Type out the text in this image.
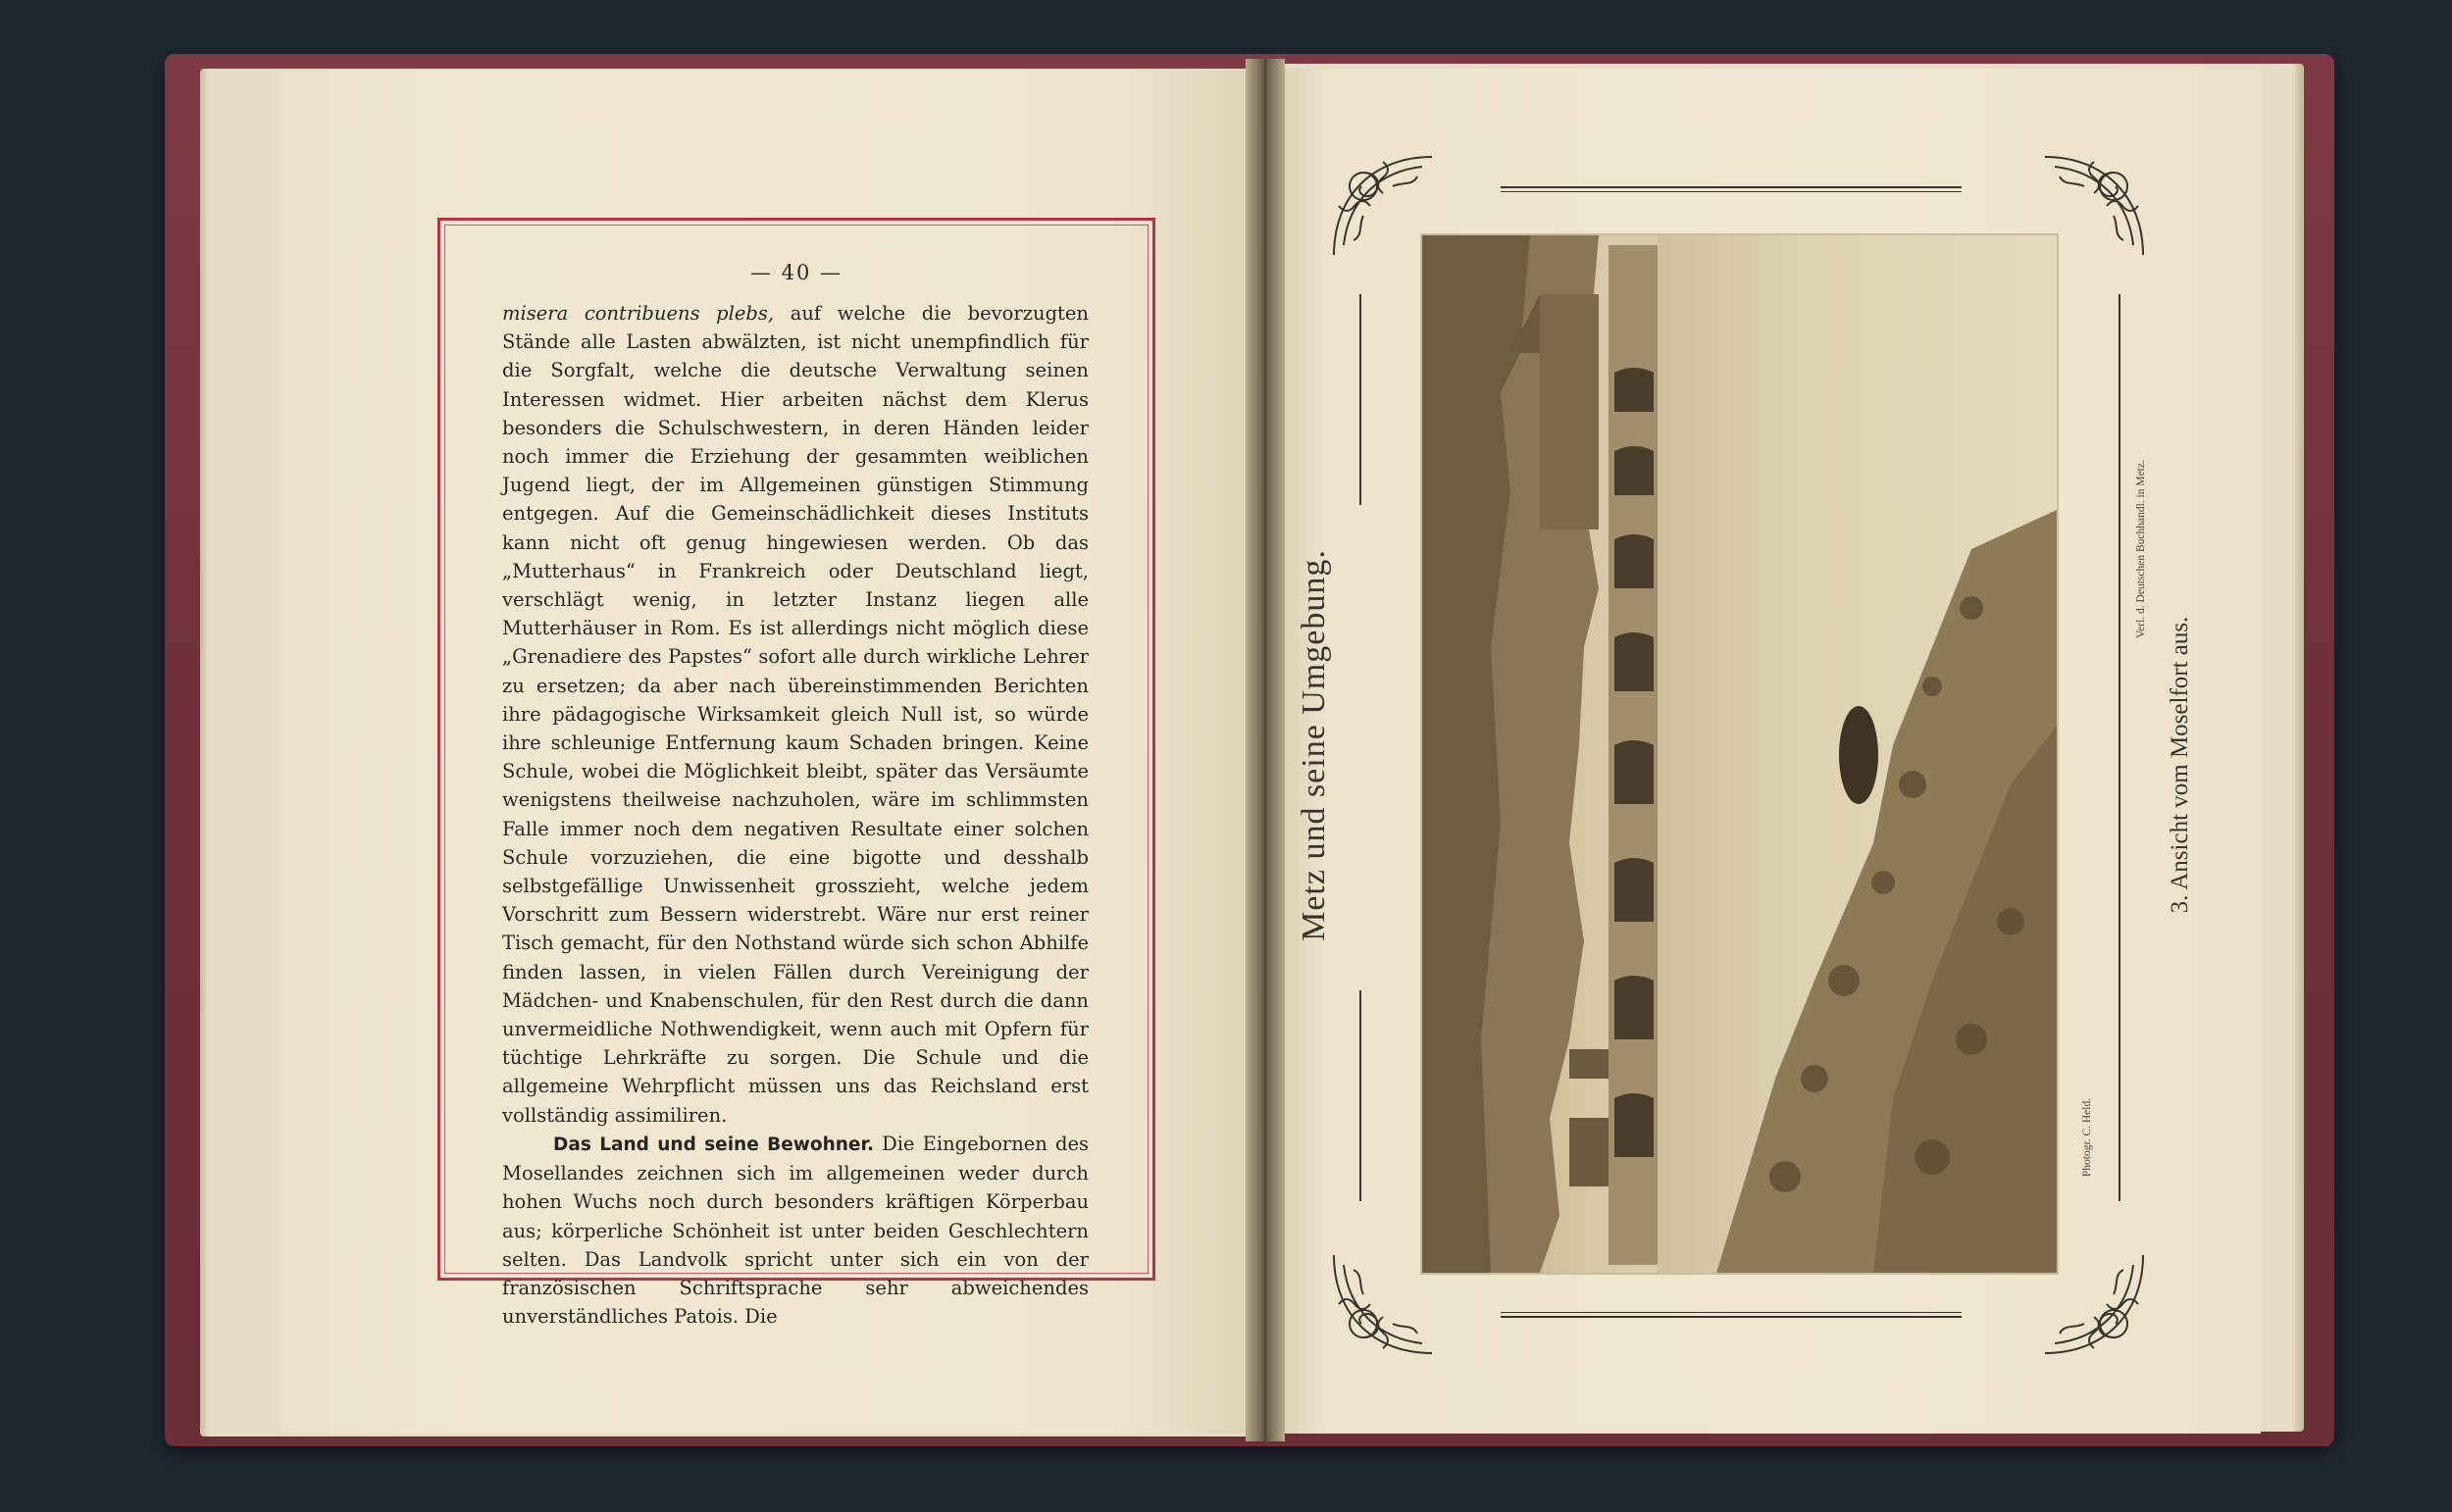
— 40 —

misera contribuens plebs, auf welche die bevorzugten Stände alle Lasten abwälzten, ist nicht unempfindlich für die Sorgfalt, welche die deutsche Verwaltung seinen Interessen widmet. Hier arbeiten nächst dem Klerus besonders die Schulschwestern, in deren Händen leider noch immer die Erziehung der gesammten weiblichen Jugend liegt, der im Allgemeinen günstigen Stimmung entgegen. Auf die Gemeinschädlichkeit dieses Instituts kann nicht oft genug hingewiesen werden. Ob das „Mutterhaus“ in Frankreich oder Deutschland liegt, verschlägt wenig, in letzter Instanz liegen alle Mutterhäuser in Rom. Es ist allerdings nicht möglich diese „Grenadiere des Papstes“ sofort alle durch wirkliche Lehrer zu ersetzen; da aber nach übereinstimmenden Berichten ihre pädagogische Wirksamkeit gleich Null ist, so würde ihre schleunige Entfernung kaum Schaden bringen. Keine Schule, wobei die Möglichkeit bleibt, später das Versäumte wenigstens theilweise nachzuholen, wäre im schlimmsten Falle immer noch dem negativen Resultate einer solchen Schule vorzuziehen, die eine bigotte und desshalb selbstgefällige Unwissenheit grosszieht, welche jedem Vorschritt zum Bessern widerstrebt. Wäre nur erst reiner Tisch gemacht, für den Nothstand würde sich schon Abhilfe finden lassen, in vielen Fällen durch Vereinigung der Mädchen- und Knabenschulen, für den Rest durch die dann unvermeidliche Nothwendigkeit, wenn auch mit Opfern für tüchtige Lehrkräfte zu sorgen. Die Schule und die allgemeine Wehrpflicht müssen uns das Reichsland erst vollständig assimiliren.

Das Land und seine Bewohner. Die Eingebornen des Mosellandes zeichnen sich im allgemeinen weder durch hohen Wuchs noch durch besonders kräftigen Körperbau aus; körperliche Schönheit ist unter beiden Geschlechtern selten. Das Landvolk spricht unter sich ein von der französischen Schriftsprache sehr abweichendes unverständliches Patois. Die

Metz und seine Umgebung.
Photogr. C. Held.
Verl. d. Deutschen Buchhandl. in Metz.
3. Ansicht vom Moselfort aus.
